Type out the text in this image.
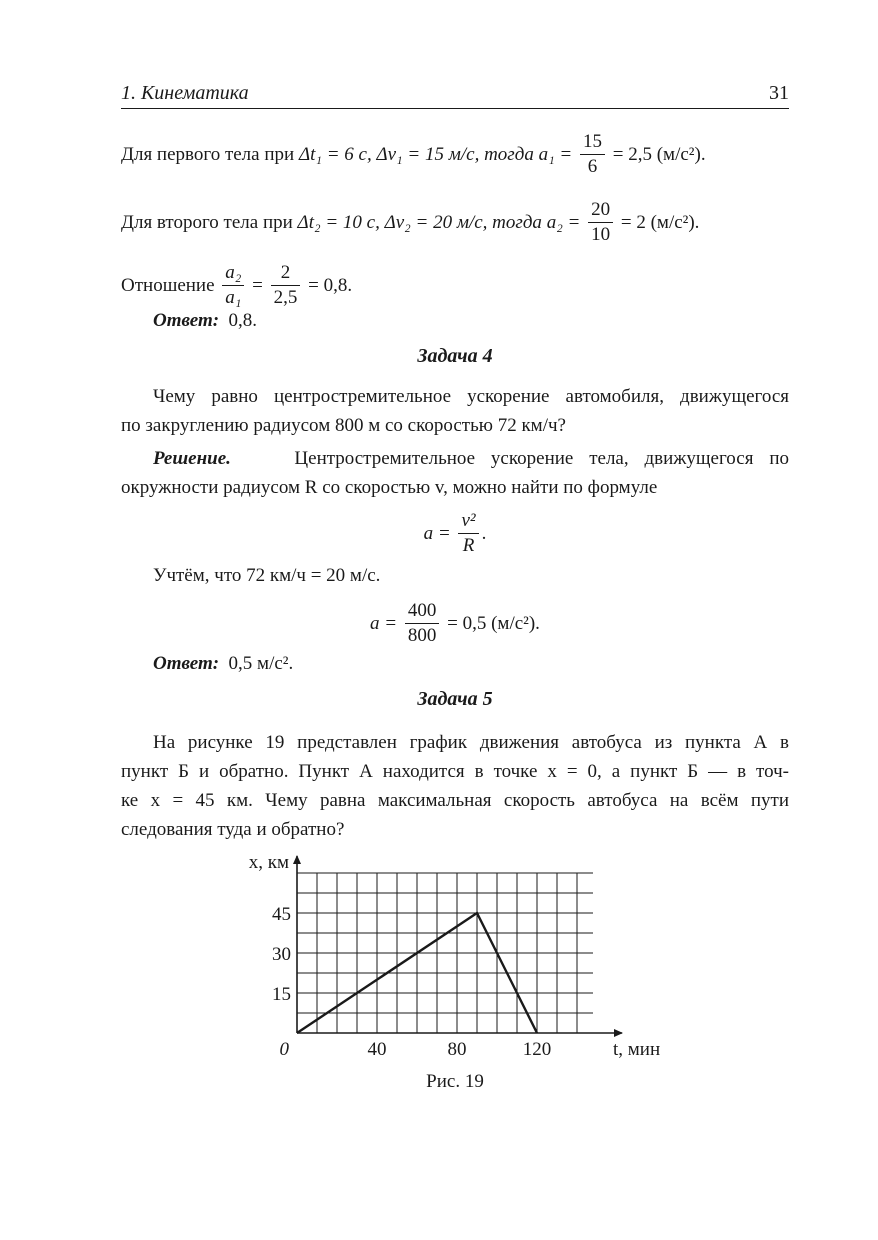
1. Кинематика	31
Для первого тела при Δt₁ = 6 с, Δv₁ = 15 м/с, тогда $a_1 = \frac{15}{6} = 2,5$ (м/с²).
Для второго тела при Δt₂ = 10 с, Δv₂ = 20 м/с, тогда $a_2 = \frac{20}{10} = 2$ (м/с²).
Отношение $\frac{\text{a₂}}{\text{a₁}} = \frac{2}{2,5} = 0,8$.
Ответ: 0,8.
Задача 4
Чему равно центростремительное ускорение автомобиля, движущегося
по закруглению радиусом 800 м со скоростью 72 км/ч?
Решение.	Центростремительное ускорение тела, движущегося по
окружности радиусом R со скоростью v, можно найти по формуле
$a = \frac{\text{v²}}{R}$ .
Учтём, что 72 км/ч = 20 м/с.
$a = \frac{400}{800} = 0,5$ (м/с²).
Ответ: 0,5 м/с².
Задача 5
На рисунке 19 представлен график движения автобуса из пункта А в
пункт Б и обратно. Пункт А находится в точке x = 0, а пункт Б — в точ-
ке x = 45 км. Чему равна максимальная скорость автобуса на всём пути
следования туда и обратно?
40	80	120
15
30
45
0	t, мин
x, км
Рис. 19
